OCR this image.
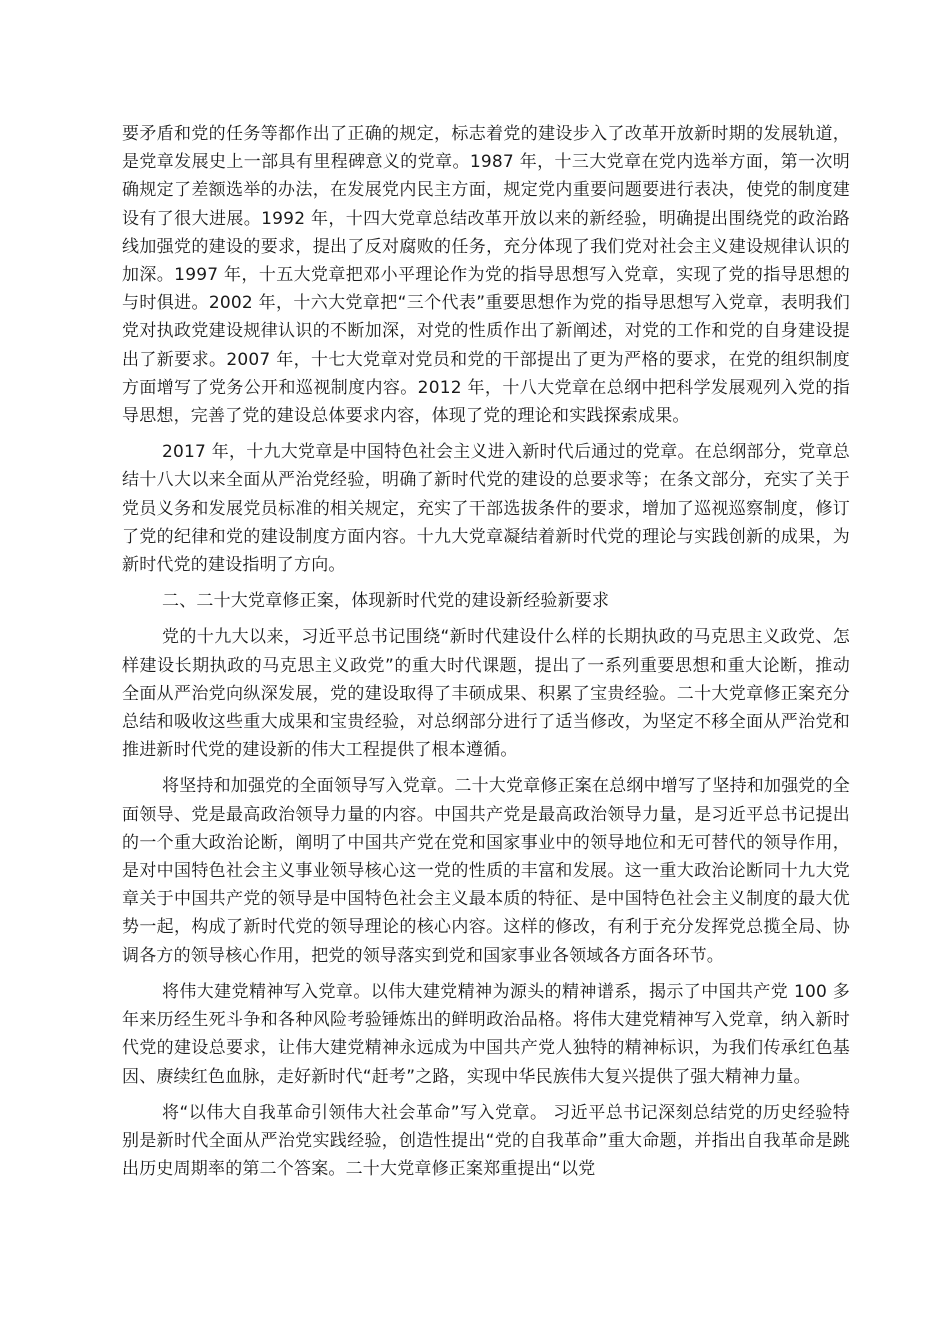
要矛盾和党的任务等都作出了正确的规定，标志着党的建设步入了改革开放新时期的发展轨道，是党章发展史上一部具有里程碑意义的党章。1987 年，十三大党章在党内选举方面，第一次明确规定了差额选举的办法，在发展党内民主方面，规定党内重要问题要进行表决，使党的制度建设有了很大进展。1992 年，十四大党章总结改革开放以来的新经验，明确提出围绕党的政治路线加强党的建设的要求，提出了反对腐败的任务，充分体现了我们党对社会主义建设规律认识的加深。1997 年，十五大党章把邓小平理论作为党的指导思想写入党章，实现了党的指导思想的与时俱进。2002 年，十六大党章把“三个代表”重要思想作为党的指导思想写入党章，表明我们党对执政党建设规律认识的不断加深，对党的性质作出了新阐述，对党的工作和党的自身建设提出了新要求。2007 年，十七大党章对党员和党的干部提出了更为严格的要求，在党的组织制度方面增写了党务公开和巡视制度内容。2012 年，十八大党章在总纲中把科学发展观列入党的指导思想，完善了党的建设总体要求内容，体现了党的理论和实践探索成果。

2017 年，十九大党章是中国特色社会主义进入新时代后通过的党章。在总纲部分，党章总结十八大以来全面从严治党经验，明确了新时代党的建设的总要求等；在条文部分，充实了关于党员义务和发展党员标准的相关规定，充实了干部选拔条件的要求，增加了巡视巡察制度，修订了党的纪律和党的建设制度方面内容。十九大党章凝结着新时代党的理论与实践创新的成果，为新时代党的建设指明了方向。

二、二十大党章修正案，体现新时代党的建设新经验新要求

党的十九大以来，习近平总书记围绕“新时代建设什么样的长期执政的马克思主义政党、怎样建设长期执政的马克思主义政党”的重大时代课题，提出了一系列重要思想和重大论断，推动全面从严治党向纵深发展，党的建设取得了丰硕成果、积累了宝贵经验。二十大党章修正案充分总结和吸收这些重大成果和宝贵经验，对总纲部分进行了适当修改，为坚定不移全面从严治党和推进新时代党的建设新的伟大工程提供了根本遵循。

将坚持和加强党的全面领导写入党章。二十大党章修正案在总纲中增写了坚持和加强党的全面领导、党是最高政治领导力量的内容。中国共产党是最高政治领导力量，是习近平总书记提出的一个重大政治论断，阐明了中国共产党在党和国家事业中的领导地位和无可替代的领导作用，是对中国特色社会主义事业领导核心这一党的性质的丰富和发展。这一重大政治论断同十九大党章关于中国共产党的领导是中国特色社会主义最本质的特征、是中国特色社会主义制度的最大优势一起，构成了新时代党的领导理论的核心内容。这样的修改，有利于充分发挥党总揽全局、协调各方的领导核心作用，把党的领导落实到党和国家事业各领域各方面各环节。

将伟大建党精神写入党章。以伟大建党精神为源头的精神谱系，揭示了中国共产党 100 多年来历经生死斗争和各种风险考验锤炼出的鲜明政治品格。将伟大建党精神写入党章，纳入新时代党的建设总要求，让伟大建党精神永远成为中国共产党人独特的精神标识，为我们传承红色基因、赓续红色血脉，走好新时代“赶考”之路，实现中华民族伟大复兴提供了强大精神力量。

将“以伟大自我革命引领伟大社会革命”写入党章。 习近平总书记深刻总结党的历史经验特别是新时代全面从严治党实践经验，创造性提出“党的自我革命”重大命题，并指出自我革命是跳出历史周期率的第二个答案。二十大党章修正案郑重提出“以党
